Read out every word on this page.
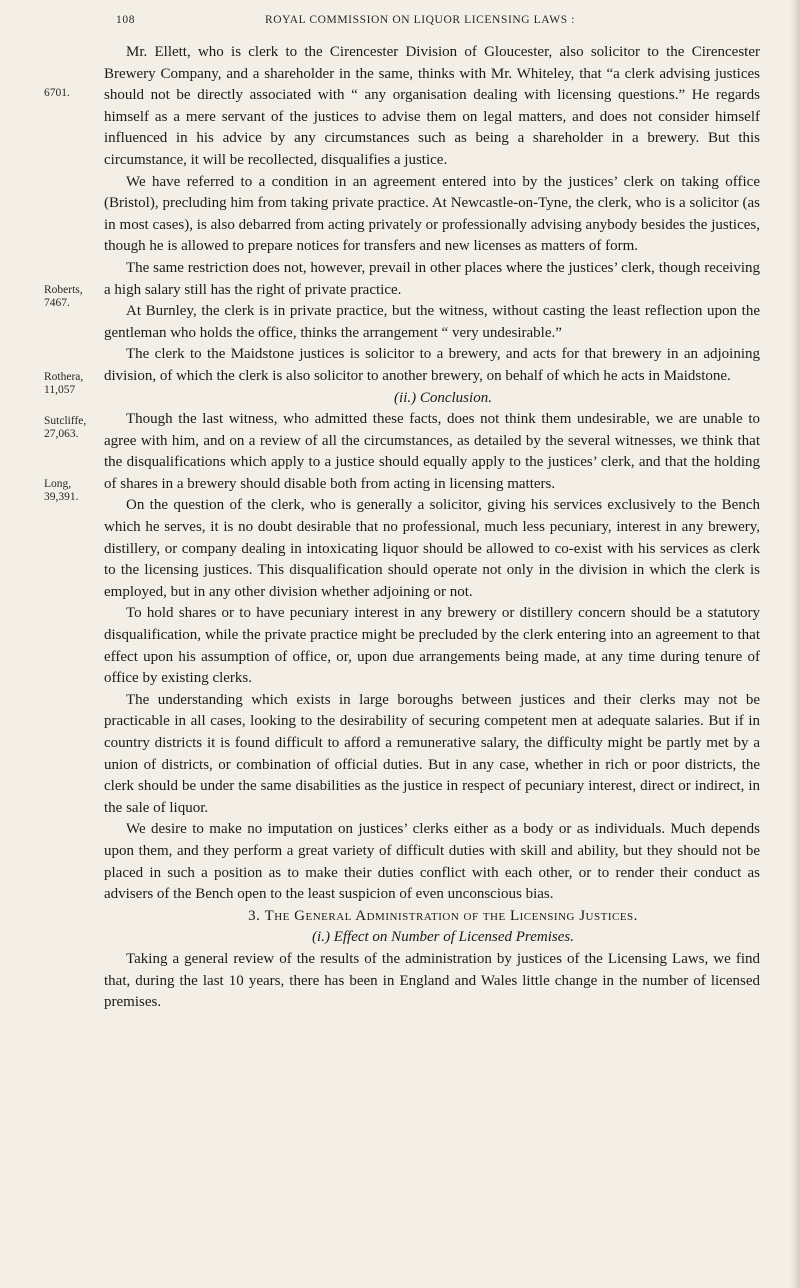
108	ROYAL COMMISSION ON LIQUOR LICENSING LAWS :
6701.
Roberts,
7467.
Rothera,
11,057
Sutcliffe,
27,063.
Long,
39,391.

Mr. Ellett, who is clerk to the Cirencester Division of Gloucester, also solicitor to the Cirencester Brewery Company, and a shareholder in the same, thinks with Mr. Whiteley, that “a clerk advising justices should not be directly associated with “ any organisation dealing with licensing questions.” He regards himself as a mere servant of the justices to advise them on legal matters, and does not consider himself influenced in his advice by any circumstances such as being a shareholder in a brewery. But this circumstance, it will be recollected, disqualifies a justice.

We have referred to a condition in an agreement entered into by the justices’ clerk on taking office (Bristol), precluding him from taking private practice. At Newcastle-on-Tyne, the clerk, who is a solicitor (as in most cases), is also debarred from acting privately or professionally advising anybody besides the justices, though he is allowed to prepare notices for transfers and new licenses as matters of form.

The same restriction does not, however, prevail in other places where the justices’ clerk, though receiving a high salary still has the right of private practice.

At Burnley, the clerk is in private practice, but the witness, without casting the least reflection upon the gentleman who holds the office, thinks the arrangement “ very undesirable.”

The clerk to the Maidstone justices is solicitor to a brewery, and acts for that brewery in an adjoining division, of which the clerk is also solicitor to another brewery, on behalf of which he acts in Maidstone.

(ii.) Conclusion.

Though the last witness, who admitted these facts, does not think them undesirable, we are unable to agree with him, and on a review of all the circumstances, as detailed by the several witnesses, we think that the disqualifications which apply to a justice should equally apply to the justices’ clerk, and that the holding of shares in a brewery should disable both from acting in licensing matters.

On the question of the clerk, who is generally a solicitor, giving his services exclusively to the Bench which he serves, it is no doubt desirable that no professional, much less pecuniary, interest in any brewery, distillery, or company dealing in intoxicating liquor should be allowed to co-exist with his services as clerk to the licensing justices. This disqualification should operate not only in the division in which the clerk is employed, but in any other division whether adjoining or not.

To hold shares or to have pecuniary interest in any brewery or distillery concern should be a statutory disqualification, while the private practice might be precluded by the clerk entering into an agreement to that effect upon his assumption of office, or, upon due arrangements being made, at any time during tenure of office by existing clerks.

The understanding which exists in large boroughs between justices and their clerks may not be practicable in all cases, looking to the desirability of securing competent men at adequate salaries. But if in country districts it is found difficult to afford a remunerative salary, the difficulty might be partly met by a union of districts, or combination of official duties. But in any case, whether in rich or poor districts, the clerk should be under the same disabilities as the justice in respect of pecuniary interest, direct or indirect, in the sale of liquor.

We desire to make no imputation on justices’ clerks either as a body or as individuals. Much depends upon them, and they perform a great variety of difficult duties with skill and ability, but they should not be placed in such a position as to make their duties conflict with each other, or to render their conduct as advisers of the Bench open to the least suspicion of even unconscious bias.

3. The General Administration of the Licensing Justices.

(i.) Effect on Number of Licensed Premises.

Taking a general review of the results of the administration by justices of the Licensing Laws, we find that, during the last 10 years, there has been in England and Wales little change in the number of licensed premises.
